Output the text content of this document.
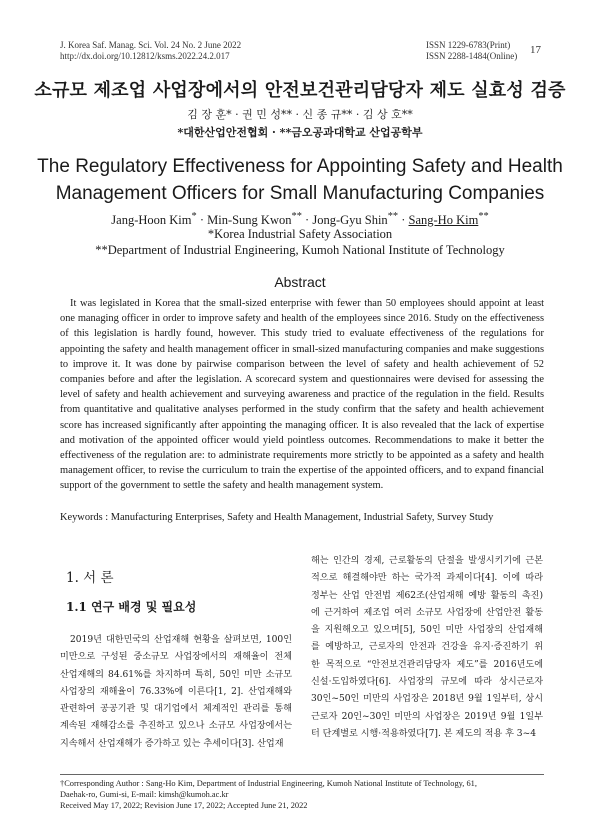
J. Korea Saf. Manag. Sci. Vol. 24 No. 2 June 2022
http://dx.doi.org/10.12812/ksms.2022.24.2.017
ISSN 1229-6783(Print)
ISSN 2288-1484(Online) 17
소규모 제조업 사업장에서의 안전보건관리담당자 제도 실효성 검증
김 장 훈* · 권 민 성** · 신 종 규** · 김 상 호**
*대한산업안전협회 · **금오공과대학교 산업공학부
The Regulatory Effectiveness for Appointing Safety and Health
Management Officers for Small Manufacturing Companies
Jang-Hoon Kim* · Min-Sung Kwon** · Jong-Gyu Shin** · Sang-Ho Kim**
*Korea Industrial Safety Association
**Department of Industrial Engineering, Kumoh National Institute of Technology
Abstract

It was legislated in Korea that the small-sized enterprise with fewer than 50 employees should appoint at least one managing officer in order to improve safety and health of the employees since 2016. Study on the effectiveness of this legislation is hardly found, however. This study tried to evaluate effectiveness of the regulations for appointing the safety and health management officer in small-sized manufacturing companies and make suggestions to improve it. It was done by pairwise comparison between the level of safety and health achievement of 52 companies before and after the legislation. A scorecard system and questionnaires were devised for assessing the level of safety and health achievement and surveying awareness and practice of the regulation in the field. Results from quantitative and qualitative analyses performed in the study confirm that the safety and health achievement score has increased significantly after appointing the managing officer. It is also revealed that the lack of expertise and motivation of the appointed officer would yield pointless outcomes. Recommendations to make it better the effectiveness of the regulation are: to administrate requirements more strictly to be appointed as a safety and health management officer, to revise the curriculum to train the expertise of the appointed officers, and to expand financial support of the government to settle the safety and health management system.

Keywords : Manufacturing Enterprises, Safety and Health Management, Industrial Safety, Survey Study
1. 서 론
1.1 연구 배경 및 필요성
2019년 대한민국의 산업재해 현황을 살펴보면, 100인
미만으로 구성된 중소규모 사업장에서의 재해율이 전체
산업재해의 84.61%를 차지하며 특히, 50인 미만 소규모
사업장의 재해율이 76.33%에 이른다[1, 2]. 산업재해와
관련하여 공공기관 및 대기업에서 체계적인 관리를 통해
계속된 재해감소를 추진하고 있으나 소규모 사업장에서는
지속해서 산업재해가 증가하고 있는 추세이다[3]. 산업재
해는 인간의 경제, 근로활동의 단절을 발생시키기에 근본
적으로 해결해야만 하는 국가적 과제이다[4]. 이에 따라
정부는 산업 안전법 제62조(산업재해 예방 활동의 촉진)
에 근거하여 제조업 여러 소규모 사업장에 산업안전 활동
을 지원해오고 있으며[5], 50인 미만 사업장의 산업재해
를 예방하고, 근로자의 안전과 건강을 유지·증진하기 위
한 목적으로 “안전보건관리담당자 제도”를 2016년도에
신설·도입하였다[6]. 사업장의 규모에 따라 상시근로자
30인~50인 미만의 사업장은 2018년 9월 1일부터, 상시
근로자 20인~30인 미만의 사업장은 2019년 9월 1일부
터 단계별로 시행·적용하였다[7]. 본 제도의 적용 후 3~4
†Corresponding Author : Sang-Ho Kim, Department of Industrial Engineering, Kumoh National Institute of Technology, 61,
Daehak-ro, Gumi-si, E-mail: kimsh@kumoh.ac.kr
Received May 17, 2022; Revision June 17, 2022; Accepted June 21, 2022
